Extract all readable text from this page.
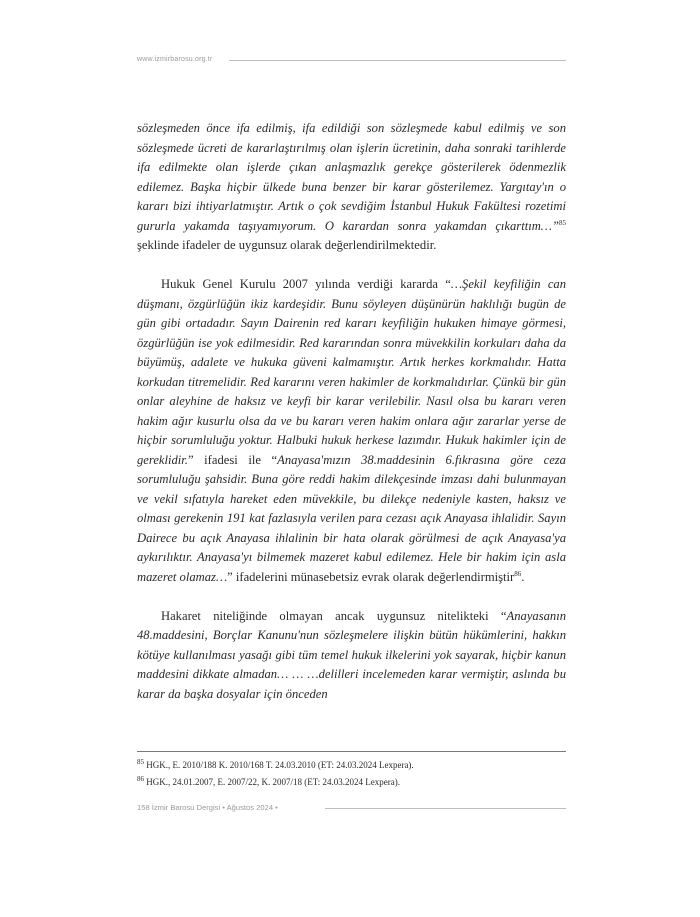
www.izmirbarosu.org.tr

sözleşmeden önce ifa edilmiş, ifa edildiği son sözleşmede kabul edilmiş ve son sözleşmede ücreti de kararlaştırılmış olan işlerin ücretinin, daha sonraki tarihlerde ifa edilmekte olan işlerde çıkan anlaşmazlık gerekçe gösterilerek ödenmezlik edilemez. Başka hiçbir ülkede buna benzer bir karar gösterilemez. Yargıtay'ın o kararı bizi ihtiyarlatmıştır. Artık o çok sevdiğim İstanbul Hukuk Fakültesi rozetimi gururla yakamda taşıyamıyorum. O karardan sonra yakamdan çıkarttım…”$^{85}$ şeklinde ifadeler de uygunsuz olarak değerlendirilmektedir.

Hukuk Genel Kurulu 2007 yılında verdiği kararda “…Şekil keyfiliğin can düşmanı, özgürlüğün ikiz kardeşidir. Bunu söyleyen düşünürün haklılığı bugün de gün gibi ortadadır. Sayın Dairenin red kararı keyfiliğin hukuken himaye görmesi, özgürlüğün ise yok edilmesidir. Red kararından sonra müvekkilin korkuları daha da büyümüş, adalete ve hukuka güveni kalmamıştır. Artık herkes korkmalıdır. Hatta korkudan titremelidir. Red kararını veren hakimler de korkmalıdırlar. Çünkü bir gün onlar aleyhine de haksız ve keyfi bir karar verilebilir. Nasıl olsa bu kararı veren hakim ağır kusurlu olsa da ve bu kararı veren hakim onlara ağır zararlar yerse de hiçbir sorumluluğu yoktur. Halbuki hukuk herkese lazımdır. Hukuk hakimler için de gereklidir.” ifadesi ile “Anayasa'mızın 38.maddesinin 6.fıkrasına göre ceza sorumluluğu şahsidir. Buna göre reddi hakim dilekçesinde imzası dahi bulunmayan ve vekil sıfatıyla hareket eden müvekkile, bu dilekçe nedeniyle kasten, haksız ve olması gerekenin 191 kat fazlasıyla verilen para cezası açık Anayasa ihlalidir. Sayın Dairece bu açık Anayasa ihlalinin bir hata olarak görülmesi de açık Anayasa'ya aykırılıktır. Anayasa'yı bilmemek mazeret kabul edilemez. Hele bir hakim için asla mazeret olamaz…” ifadelerini münasebetsiz evrak olarak değerlendirmiştir$^{86}$.

Hakaret niteliğinde olmayan ancak uygunsuz nitelikteki “Anayasanın 48.maddesini, Borçlar Kanunu'nun sözleşmelere ilişkin bütün hükümlerini, hakkın kötüye kullanılması yasağı gibi tüm temel hukuk ilkelerini yok sayarak, hiçbir kanun maddesini dikkate almadan… … …delilleri incelemeden karar vermiştir, aslında bu karar da başka dosyalar için önceden

$^{85}$ HGK., E. 2010/188 K. 2010/168 T. 24.03.2010 (ET: 24.03.2024 Lexpera).
$^{86}$ HGK., 24.01.2007, E. 2007/22, K. 2007/18 (ET: 24.03.2024 Lexpera).
158 İzmir Barosu Dergisi • Ağustos 2024 •
